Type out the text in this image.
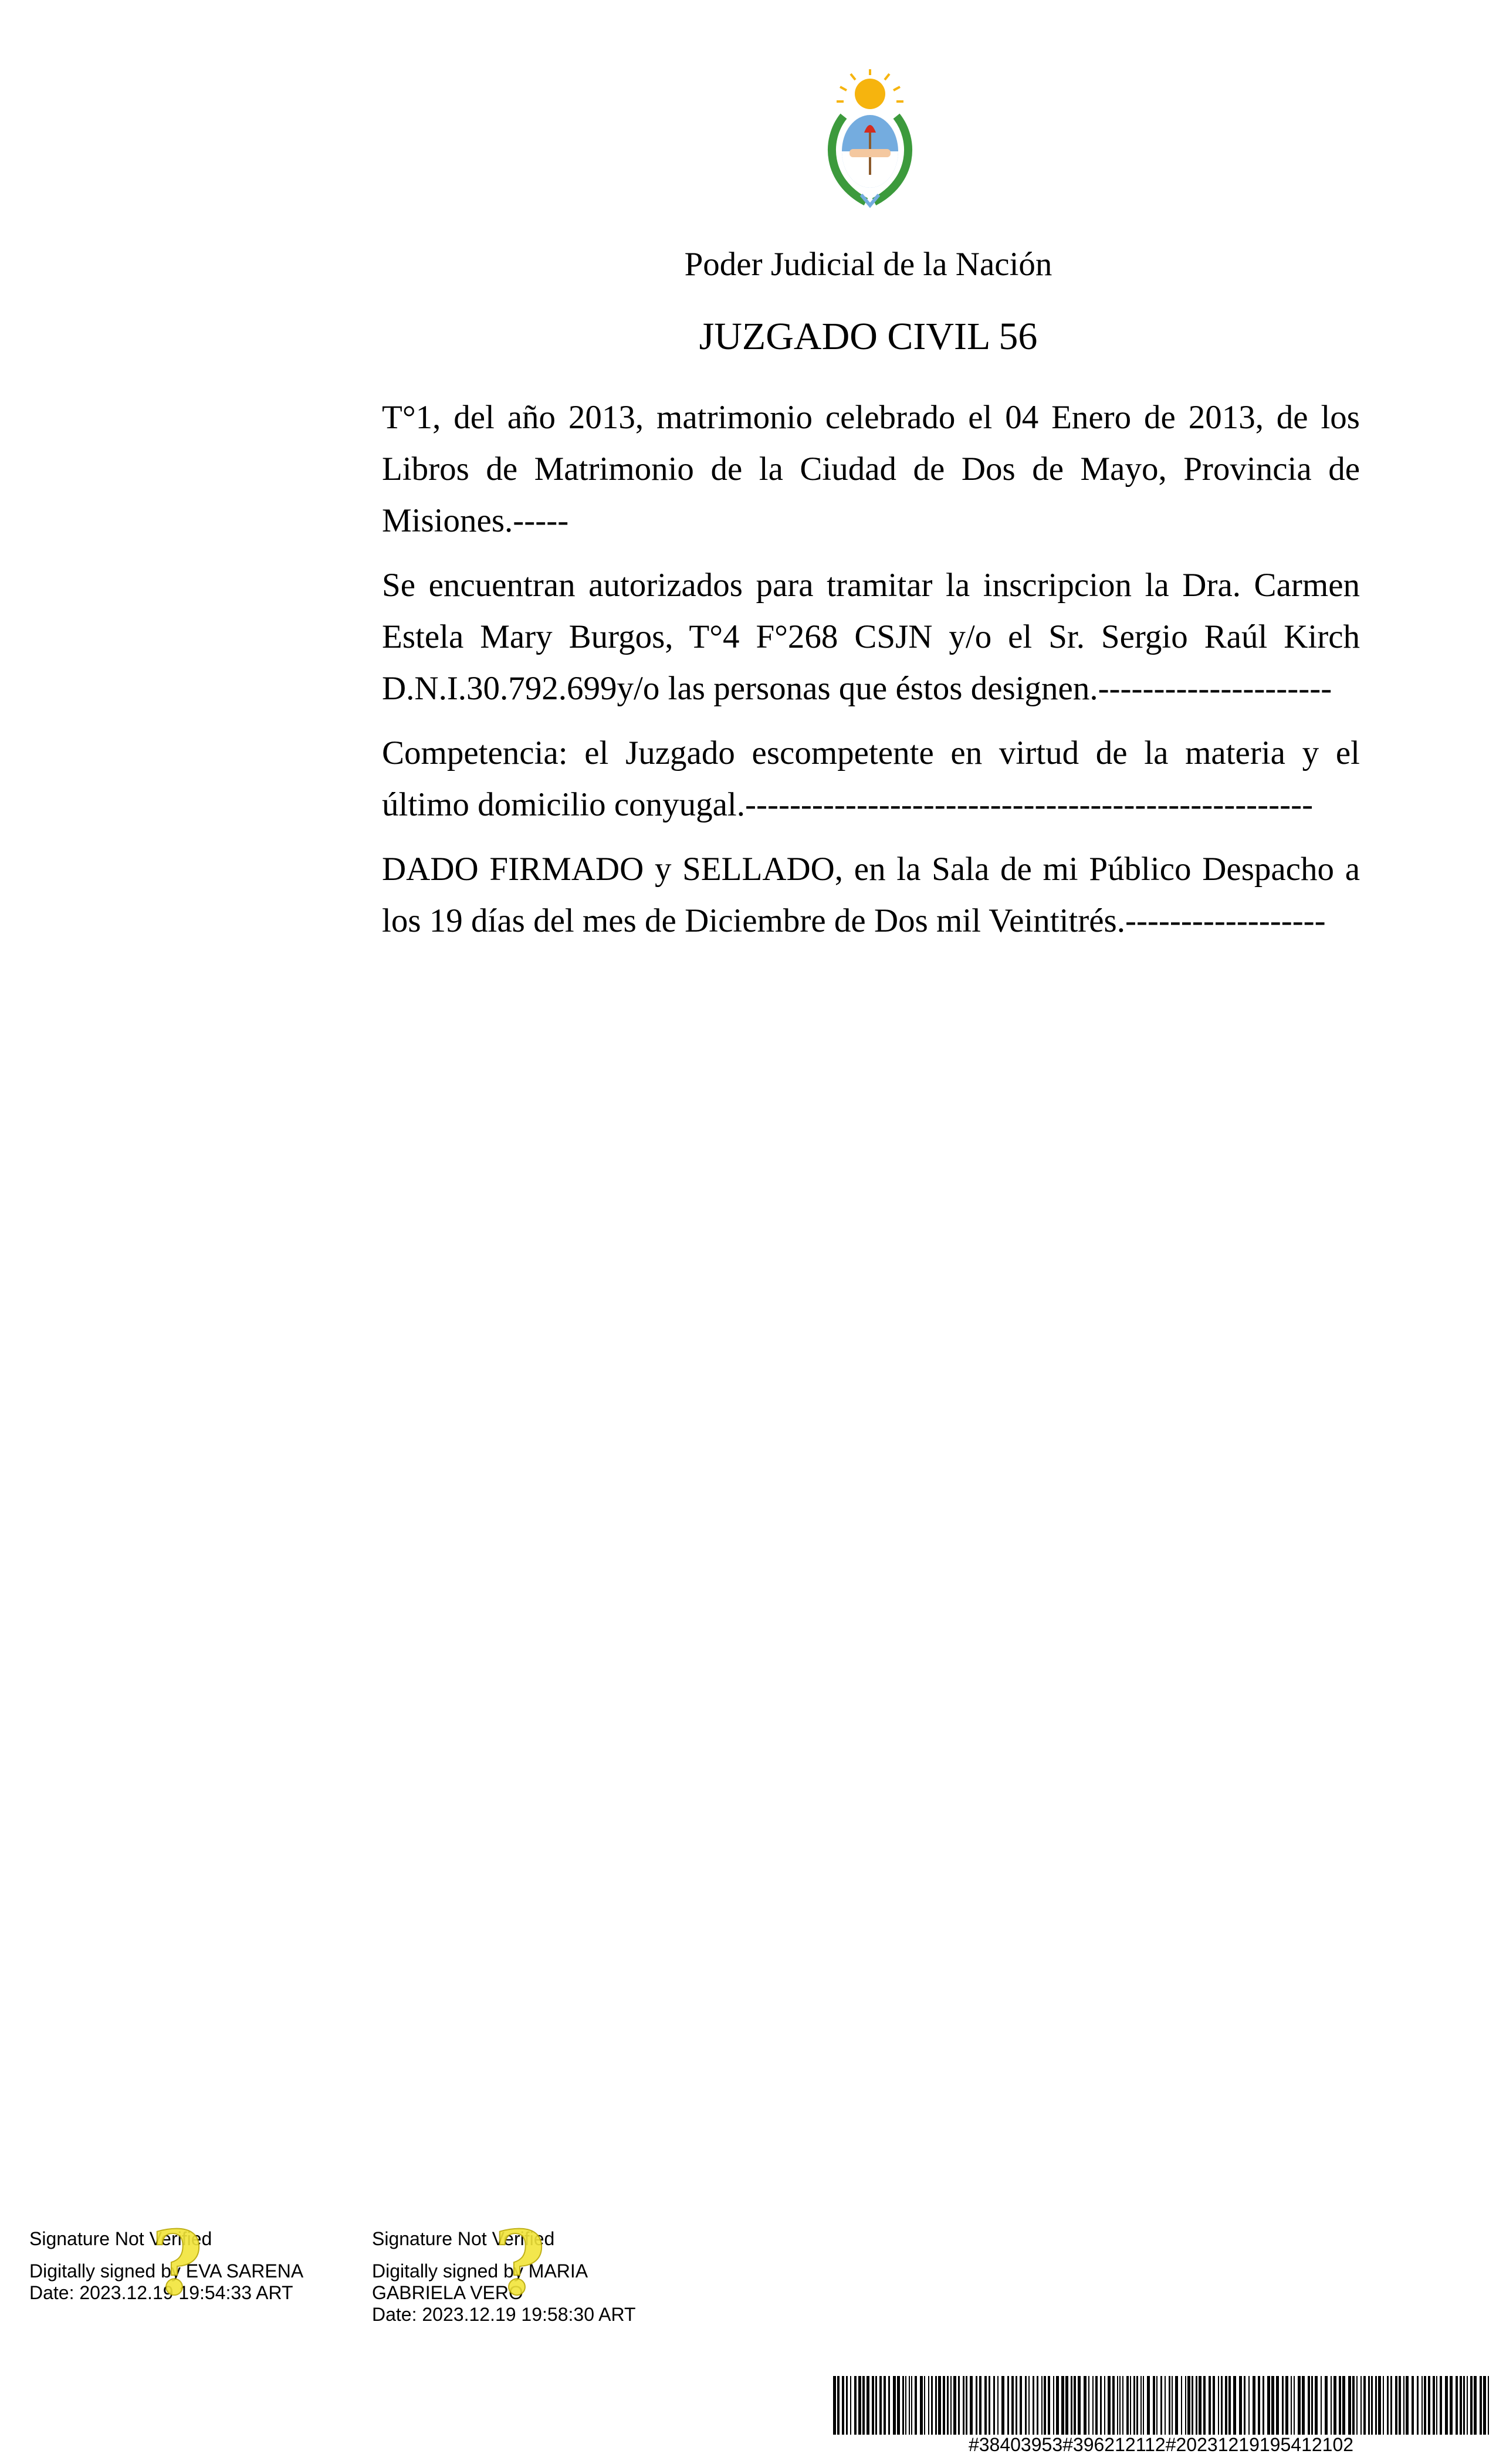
Poder Judicial de la Nación
JUZGADO CIVIL 56

T°1, del año 2013, matrimonio celebrado el 04 Enero de 2013, de los Libros de Matrimonio de la Ciudad de Dos de Mayo, Provincia de Misiones.-----

Se encuentran autorizados para tramitar la inscripcion la Dra. Carmen Estela Mary Burgos, T°4 F°268 CSJN y/o el Sr. Sergio Raúl Kirch D.N.I.30.792.699y/o las personas que éstos designen.---------------------

Competencia: el Juzgado escompetente en virtud de la materia y el último domicilio conyugal.---------------------------------------------------

DADO FIRMADO y SELLADO, en la Sala de mi Público Despacho a los 19 días del mes de Diciembre de Dos mil Veintitrés.------------------

Signature Not Verified
Digitally signed by EVA SARENA
Date: 2023.12.19 19:54:33 ART
?	Signature Not Verified
Digitally signed by MARIA
GABRIELA VERO
Date: 2023.12.19 19:58:30 ART
?
#38403953#396212112#20231219195412102
